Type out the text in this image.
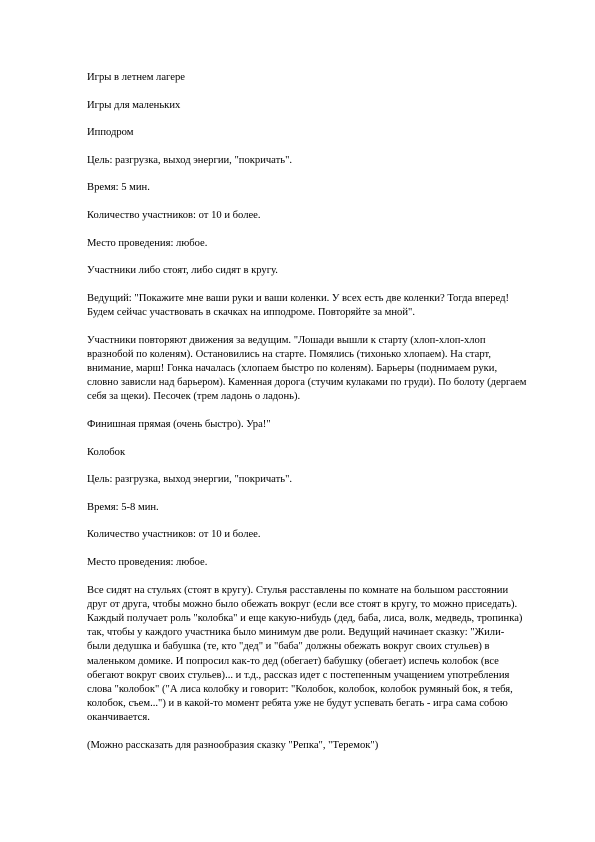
Игры в летнем лагере

Игры для маленьких

Ипподром

Цель: разгрузка, выход энергии, "покричать".

Время: 5 мин.

Количество участников: от 10 и более.

Место проведения: любое.

Участники либо стоят, либо сидят в кругу.

Ведущий: "Покажите мне ваши руки и ваши коленки. У всех есть две коленки? Тогда вперед! Будем сейчас участвовать в скачках на ипподроме. Повторяйте за мной".

Участники повторяют движения за ведущим. "Лошади вышли к старту (хлоп-хлоп-хлоп вразнобой по коленям). Остановились на старте. Помялись (тихонько хлопаем). На старт, внимание, марш! Гонка началась (хлопаем быстро по коленям). Барьеры (поднимаем руки, словно зависли над барьером). Каменная дорога (стучим кулаками по груди). По болоту (дергаем себя за щеки). Песочек (трем ладонь о ладонь).

Финишная прямая (очень быстро). Ура!"

Колобок

Цель: разгрузка, выход энергии, "покричать".

Время: 5-8 мин.

Количество участников: от 10 и более.

Место проведения: любое.

Все сидят на стульях (стоят в кругу). Стулья расставлены по комнате на большом расстоянии друг от друга, чтобы можно было обежать вокруг (если все стоят в кругу, то можно приседать). Каждый получает роль "колобка" и еще какую-нибудь (дед, баба, лиса, волк, медведь, тропинка) так, чтобы у каждого участника было минимум две роли. Ведущий начинает сказку: "Жили-были дедушка и бабушка (те, кто "дед" и "баба" должны обежать вокруг своих стульев) в маленьком домике. И попросил как-то дед (обегает) бабушку (обегает) испечь колобок (все обегают вокруг своих стульев)... и т.д., рассказ идет с постепенным учащением употребления слова "колобок" ("А лиса колобку и говорит: "Колобок, колобок, колобок румяный бок, я тебя, колобок, съем...") и в какой-то момент ребята уже не будут успевать бегать - игра сама собою оканчивается.

(Можно рассказать для разнообразия сказку "Репка", "Теремок")
